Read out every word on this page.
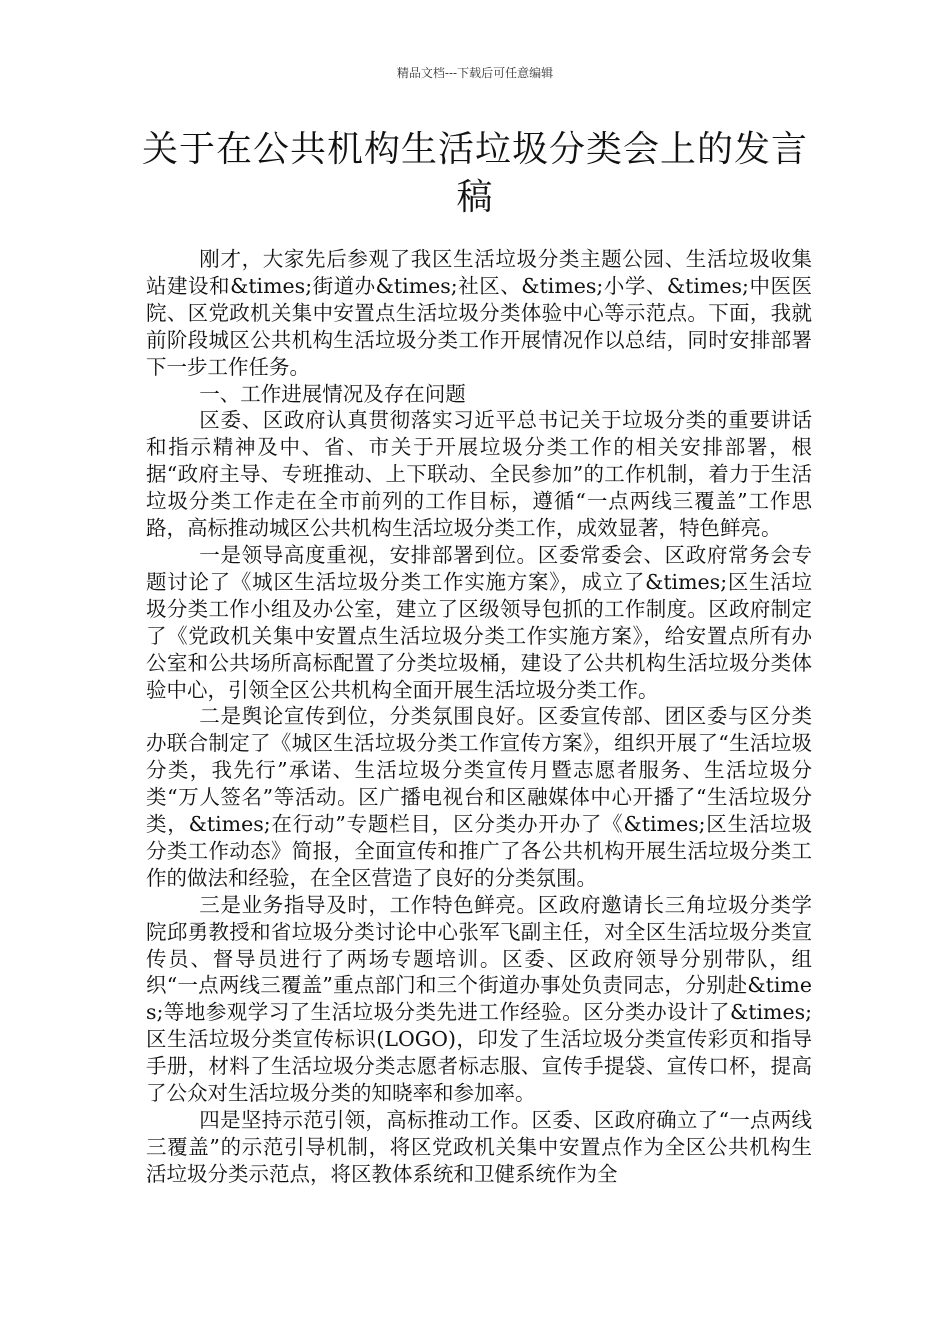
精品文档---下载后可任意编辑
关于在公共机构生活垃圾分类会上的发言稿

刚才，大家先后参观了我区生活垃圾分类主题公园、生活垃圾收集站建设和&times;街道办&times;社区、&times;小学、&times;中医医院、区党政机关集中安置点生活垃圾分类体验中心等示范点。下面，我就前阶段城区公共机构生活垃圾分类工作开展情况作以总结，同时安排部署下一步工作任务。

一、工作进展情况及存在问题

区委、区政府认真贯彻落实习近平总书记关于垃圾分类的重要讲话和指示精神及中、省、市关于开展垃圾分类工作的相关安排部署，根据“政府主导、专班推动、上下联动、全民参加”的工作机制，着力于生活垃圾分类工作走在全市前列的工作目标，遵循“一点两线三覆盖”工作思路，高标推动城区公共机构生活垃圾分类工作，成效显著，特色鲜亮。

一是领导高度重视，安排部署到位。区委常委会、区政府常务会专题讨论了《城区生活垃圾分类工作实施方案》，成立了&times;区生活垃圾分类工作小组及办公室，建立了区级领导包抓的工作制度。区政府制定了《党政机关集中安置点生活垃圾分类工作实施方案》，给安置点所有办公室和公共场所高标配置了分类垃圾桶，建设了公共机构生活垃圾分类体验中心，引领全区公共机构全面开展生活垃圾分类工作。

二是舆论宣传到位，分类氛围良好。区委宣传部、团区委与区分类办联合制定了《城区生活垃圾分类工作宣传方案》，组织开展了“生活垃圾分类，我先行”承诺、生活垃圾分类宣传月暨志愿者服务、生活垃圾分类“万人签名”等活动。区广播电视台和区融媒体中心开播了“生活垃圾分类，&times;在行动”专题栏目，区分类办开办了《&times;区生活垃圾分类工作动态》简报，全面宣传和推广了各公共机构开展生活垃圾分类工作的做法和经验，在全区营造了良好的分类氛围。

三是业务指导及时，工作特色鲜亮。区政府邀请长三角垃圾分类学院邱勇教授和省垃圾分类讨论中心张军飞副主任，对全区生活垃圾分类宣传员、督导员进行了两场专题培训。区委、区政府领导分别带队，组织“一点两线三覆盖”重点部门和三个街道办事处负责同志，分别赴&times;等地参观学习了生活垃圾分类先进工作经验。区分类办设计了&times;区生活垃圾分类宣传标识(LOGO)，印发了生活垃圾分类宣传彩页和指导手册，材料了生活垃圾分类志愿者标志服、宣传手提袋、宣传口杯，提高了公众对生活垃圾分类的知晓率和参加率。

四是坚持示范引领，高标推动工作。区委、区政府确立了“一点两线三覆盖”的示范引导机制，将区党政机关集中安置点作为全区公共机构生活垃圾分类示范点，将区教体系统和卫健系统作为全
